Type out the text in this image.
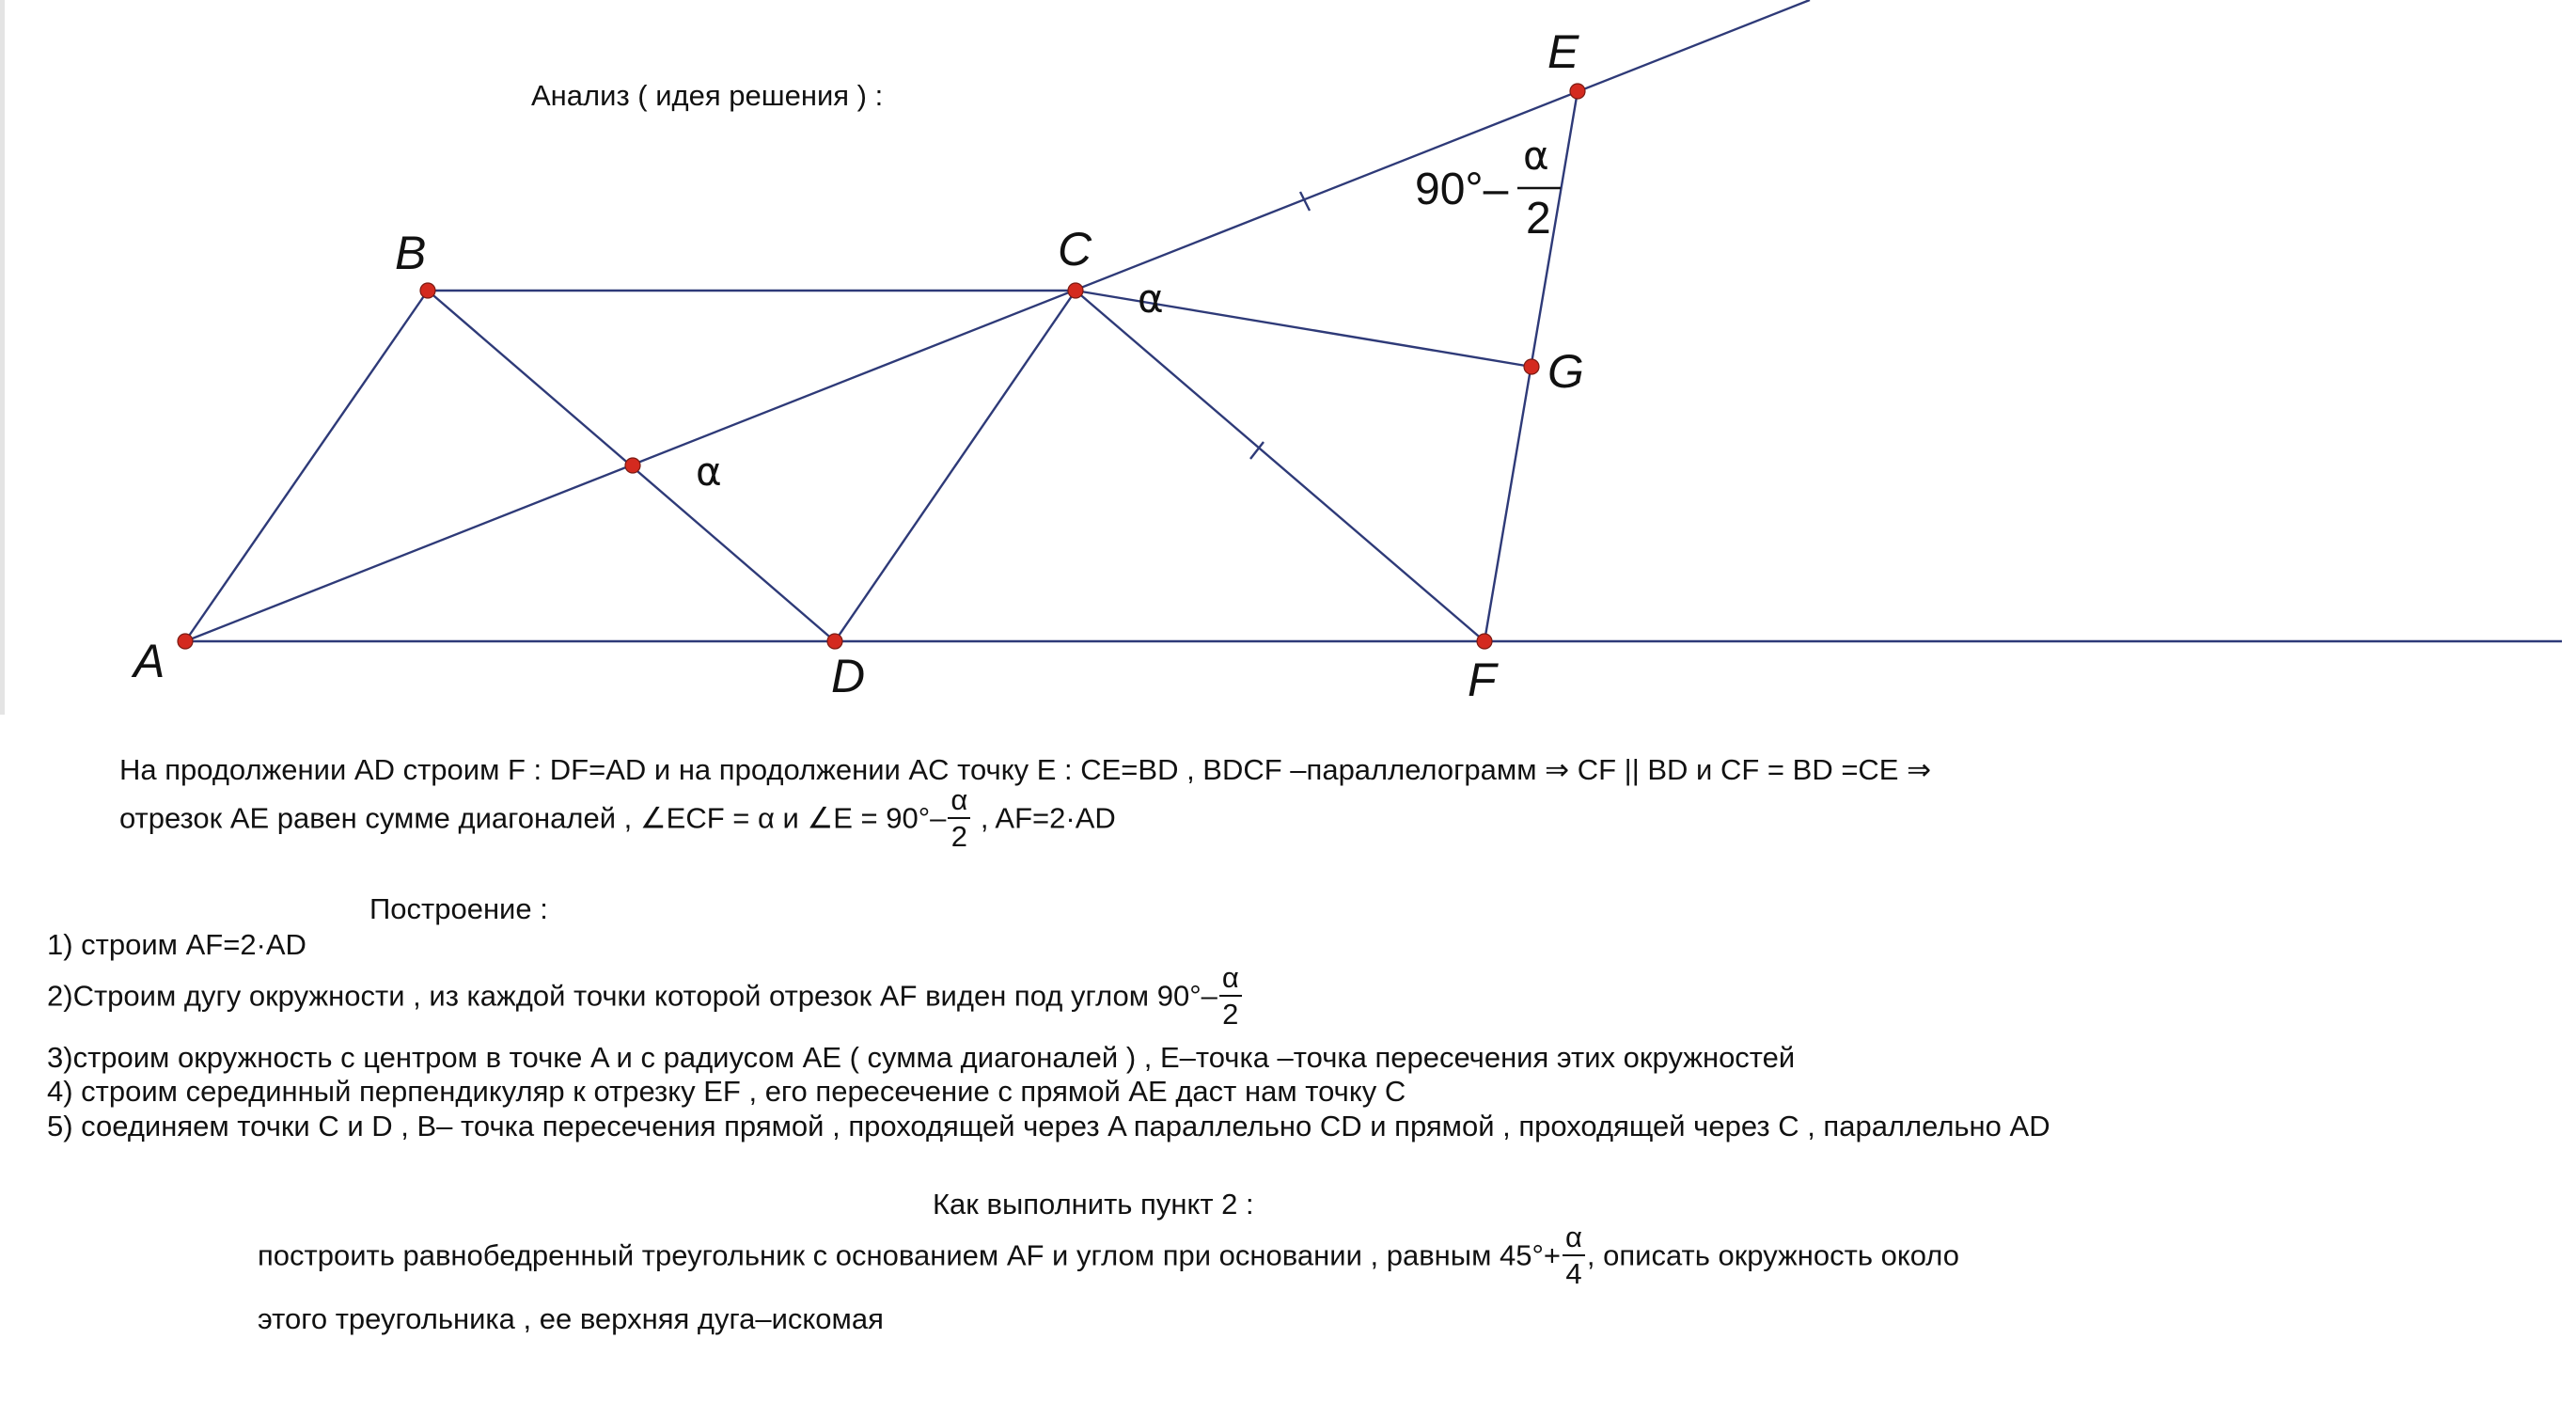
A
B	C
D
E
F
G
α
α
90°–
α
2
Анализ ( идея решения ) :
На продолжении AD строим F : DF=AD и на продолжении AC точку E : CE=BD , BDCF –параллелограмм ⇒ CF || BD и CF = BD =CE ⇒
отрезок AE равен сумме диагоналей , ∠ECF = α и ∠E = $90^\circ- \frac{\alpha}{2}$ , AF=2·AD
Построение :
1) строим AF=2·AD
2)Строим дугу окружности , из каждой точки которой отрезок AF виден под углом $90^\circ- \frac{\alpha}{2}$
3)строим окружность с центром в точке A и с радиусом AE ( сумма диагоналей ) , E–точка –точка пересечения этих окружностей
4) строим серединный перпендикуляр к отрезку EF , его пересечение с прямой AE даст нам точку C
5) соединяем точки C и D , B– точка пересечения прямой , проходящей через A параллельно CD и прямой , проходящей через C , параллельно AD
Как выполнить пункт 2 :
построить равнобедренный треугольник с основанием AF и углом при основании , равным $45^\circ+ \frac{\alpha}{4}$ , описать окружность около
этого треугольника , ее верхняя дуга–искомая
